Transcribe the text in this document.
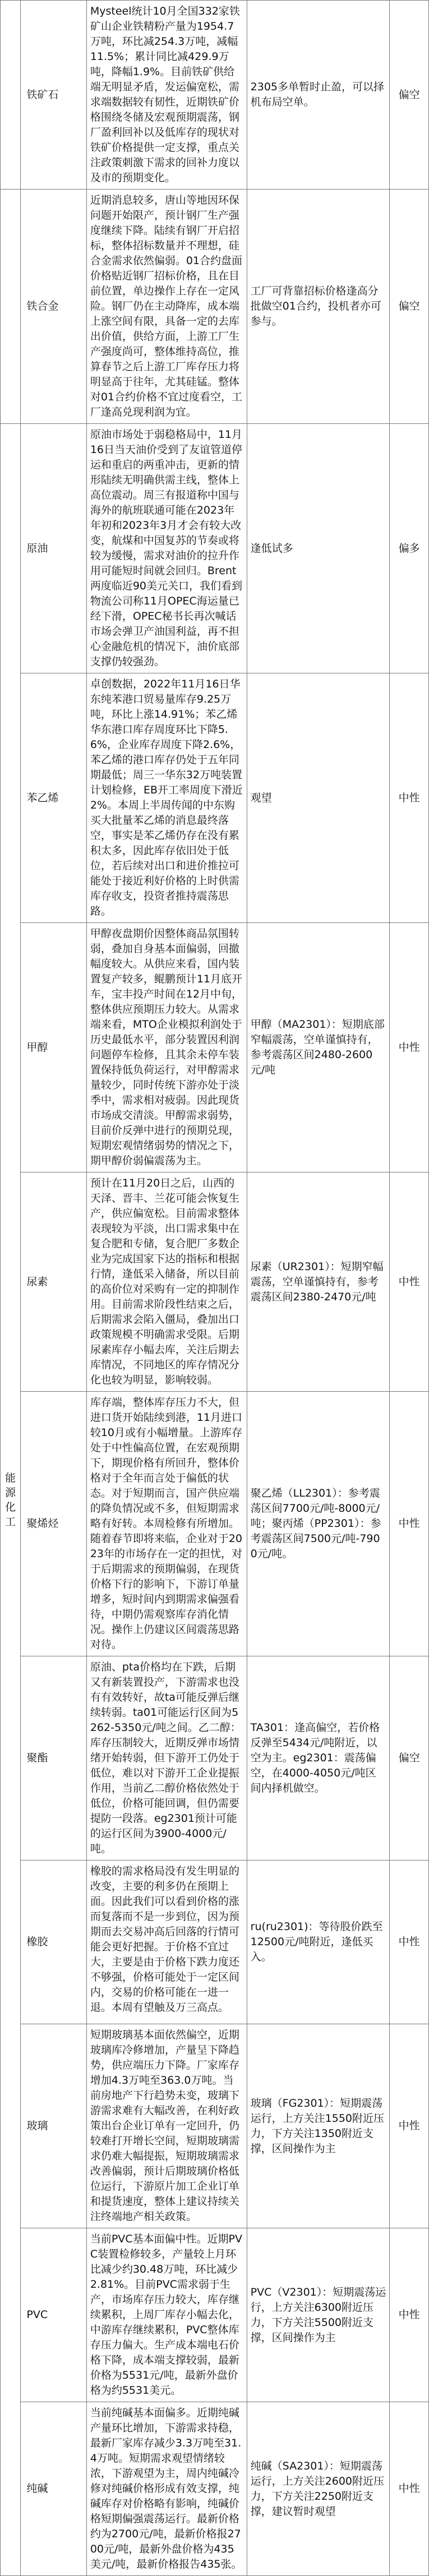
	铁矿石	Mysteel统计10月全国332家铁矿山企业铁精粉产量为1954.7万吨，环比减254.3万吨，减幅11.5%；累计同比减429.9万吨，降幅1.9%。目前铁矿供给端无明显矛盾，发运偏宽松，需求端数据较有韧性，近期铁矿价格围绕冬储及宏观预期震荡，钢厂盈利回补以及低库存的现状对铁矿价格提供一定支撑，重点关注政策刺激下需求的回补力度以及市的预期变化。	2305多单暂时止盈，可以择机布局空单。	偏空
	铁合金	近期消息较多，唐山等地因环保问题开始限产，预计钢厂生产强度继续下降。陆续有钢厂开启招标，整体招标数量并不理想，硅合金需求依然偏弱。01合约盘面价格贴近钢厂招标价格，且在目前位置，单边操作上存在一定风险。钢厂仍在主动降库，成本端上涨空间有限，具备一定的去库出价值，供给方面，上游工厂生产强度尚可，整体维持高位，推算春节之后上游工厂库存压力将明显高于往年，尤其硅锰。整体对01合约价格不宜过度看空，工厂逢高兑现利润为宜。	工厂可背靠招标价格逢高分批做空01合约，投机者亦可参与。	偏空

能源化工	原油	原油市场处于弱稳格局中，11月16日当天油价受到了友谊管道停运和重启的两重冲击，更新的情形陆续无明确供需主线，整体上高位震动。周三有报道称中国与海外的航班联通可能在2023年年初和2023年3月才会有较大改变，航煤和中国复苏的节奏或将较为缓慢，需求对油价的拉升作用可能短时间就会回归。Brent两度临近90美元关口，我们看到物流公司称11月OPEC海运量已经下滑，OPEC秘书长再次喊话市场会弹卫产油国利益，再不担心金融危机的情况下，油价底部支撑仍较强劲。	逢低试多	偏多
	苯乙烯	卓创数据，2022年11月16日华东纯苯港口贸易量库存9.25万吨，环比上涨14.91%；苯乙烯华东港口库存周度环比下降5.6%，企业库存周度下降2.6%，苯乙烯的港口库存仍处于五年同期最低；周三一华东32万吨装置计划检修，EB开工率周度下滑近2%。本周上半周传闻的中东购买大批量苯乙烯的消息最终落空，事实是苯乙烯仍存在没有累积太多，因此库存依旧处于低位，若后续对出口和进价推拉可能处于接近利好价格的上时供需库存收支，投资者推持震荡思路。	观望	中性
	甲醇	甲醇夜盘期价因整体商品氛围转弱，叠加自身基本面偏弱，回撤幅度较大。从供应来看，国内装置复产较多，鲲鹏预计11月底开车，宝丰投产时间在12月中旬，整体供应预期压力较大。从需求端来看，MTO企业模拟利润处于历史最低水平，部分装置因利润问题停车检修，且其余未停车装置保持低负荷运行，对甲醇需求量较少，同时传统下游亦处于淡季中，需求相对疲弱。因此现货市场成交清淡。甲醇需求弱势，目前价反弹中进行的预期兑现，短期宏观情绪弱势的情况之下，期甲醇价弱偏震荡为主。	甲醇（MA2301）：短期底部窄幅震荡，空单谨慎持有，参考震荡区间2480-2600元/吨	中性
	尿素	预计在11月20日之后，山西的天泽、晋丰、兰花可能会恢复生产，供应偏宽松。目前需求整体表现较为平淡，出口需求集中在复合肥和专储，复合肥厂多数企业为完成国家下达的指标和根据行情，逢低采入储备，所以目前的高价位对采购有一定的抑制作用。目前需求阶段性结束之后，后期需求会陷入僵局，叠加出口政策规模不明确需求受限。后期尿素库存小幅去库，关注后期去库情况，不同地区的库存情况分化也较为明显，影响较弱。	尿素（UR2301）：短期窄幅震荡，空单谨慎持有，参考震荡区间2380-2470元/吨	中性
	聚烯烃	库存端，整体库存压力不大，但进口货开始陆续到港，11月进口较10月或有小幅增量。上游库存处于中性偏高位置，在宏观预期下，期现价格有所回升，整体价格对于全年而言处于偏低的状态。对于短期而言，国产供应端的降负情况或不多，但短期需求略有好转。本周检修有所增加。随着春节即将来临，企业对于2023年的市场存在一定的担忧，对于后期需求的预期偏弱，在现货价格下行的影响下，下游订单量增多，短时间内到期需求偏强看待，中期仍需观察库存消化情况。操作上仍建议区间震荡思路对待。	聚乙烯（LL2301）：参考震荡区间7700元/吨-8000元/吨；聚丙烯（PP2301）：参考震荡区间7500元/吨-7900元/吨。	中性
	聚酯	原油、pta价格均在下跌，后期又有新装置投产，下游需求也没有有效转好，故ta可能反弹后继续转弱。ta01可能运行区间为5262-5350元/吨之间。乙二醇：库存压制较大，近期反弹市场情绪开始转弱，但下游开工仍处于低位，难以对下游开工企业提振作用，当前乙二醇价格依然处于低位，价格可能回调，但仍需要提防一段落。eg2301预计可能的运行区间为3900-4000元/吨。	TA301：逢高偏空，若价格反弹至5434元/吨附近，以空为主。eg2301：震荡偏空，在4000-4050元/吨区间内择机做空。	偏空
	橡胶	橡胶的需求格局没有发生明显的改变，主要的利多仍在预期上面。因此我们可以看到价格的涨而复落而不是一步到位，因为预期而去交易冲高后回落的行情可能会更好把握。于价格不宜过大，主要是由于价格下跌力度还不够强，价格可能处于一定区间内，交易的价格可能在一进一退。本周有望触及万三高点。	ru(ru2301)：等待股价跌至12500元/吨附近，逢低买入。	中性
	玻璃	短期玻璃基本面依然偏空，近期玻璃库冷修增加，产量呈下降趋势，供应端压力下降。厂家库存增加4.3万吨至363.0万吨。当前房地产下行趋势未变，玻璃下游需求难有大幅改善，在利好政策出台企业订单有一定回升，仍较难打开增长空间，短期玻璃需求仍难大幅提振，短期玻璃需求改善偏弱，预计后期玻璃价格低位运行，下游原片加工企业订单和提货速度，整体上建议持续关注终端地产相关政策。	玻璃（FG2301）：短期震荡运行，上方关注1550附近压力，下方关注1350附近支撑，区间操作为主	中性
	PVC	当前PVC基本面偏中性。近期PVC装置检修较多，产量较上月环比减少约30.48万吨，环比减少2.81%。目前PVC需求弱于生产，市场库存压力较大，库存继续累积，上周厂库存小幅去化，中游库存继续累积，PVC整体库存压力偏大。生产成本端电石价格下降，成本端支撑较弱，最新价格为5531元/吨，最新外盘价格为约5531美元。	PVC（V2301）：短期震荡运行，上方关注6300附近压力，下方关注5500附近支撑，区间操作为主	中性
	纯碱	当前纯碱基本面偏多。近期纯碱产量环比增加，下游需求持稳，最新厂家库存减少3.3万吨至31.4万吨。短期需求观望情绪较浓，下游观望为主，周内纯碱冷修对纯碱价格形成有效支撑，纯碱库存对价格略有影响，纯碱价格短期偏强震荡运行。最新价格约为2700元/吨，最新价格报2700元/吨，最新外盘价格为435美元/吨，最新价格报告435张。	纯碱（SA2301）：短期震荡运行，上方关注2600附近压力，下方关注2250附近支撑，建议暂时观望	中性
